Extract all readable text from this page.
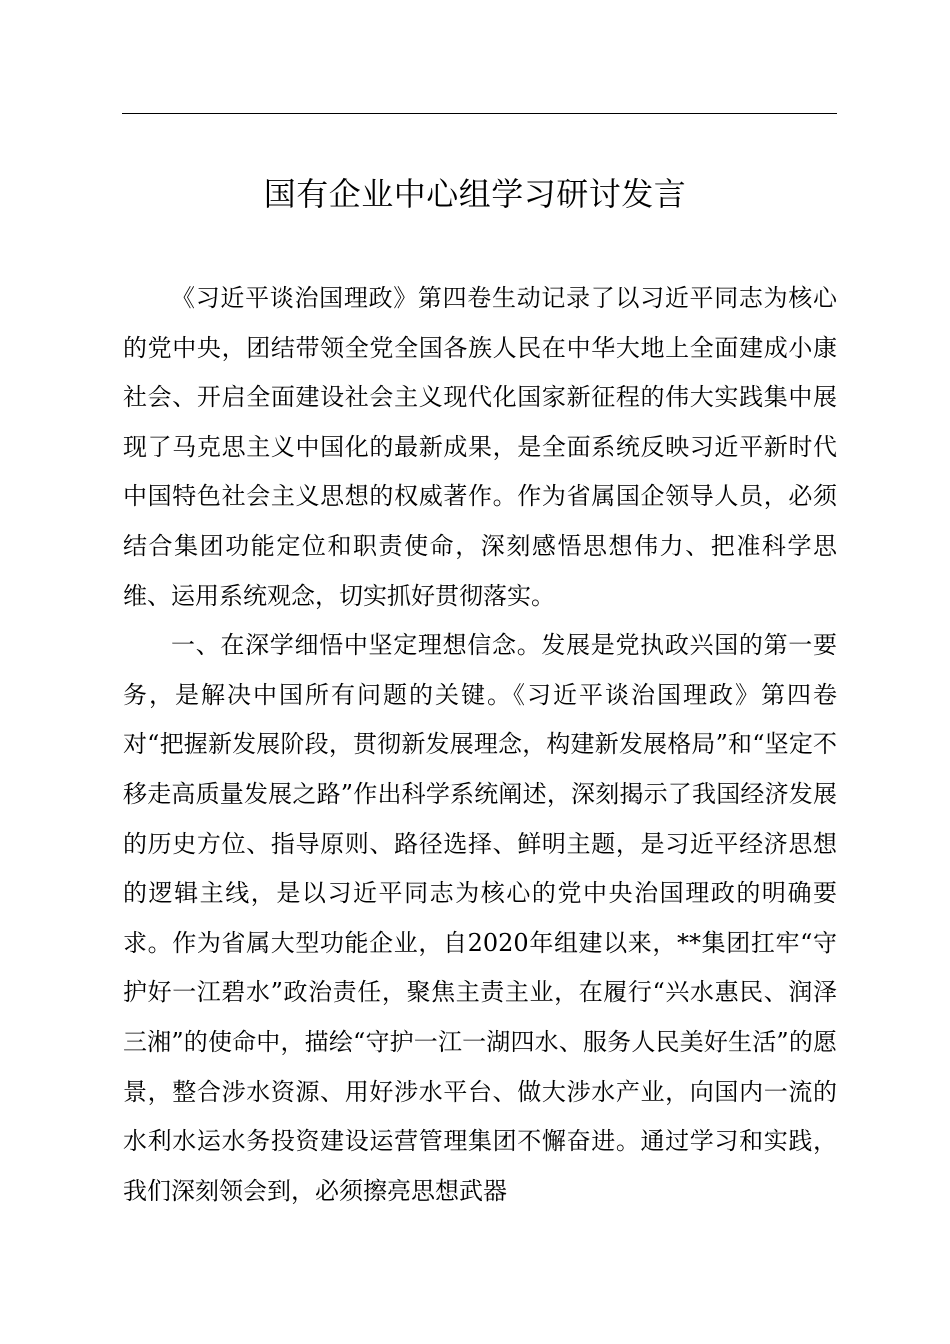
国有企业中心组学习研讨发言

《习近平谈治国理政》第四卷生动记录了以习近平同志为核心的党中央，团结带领全党全国各族人民在中华大地上全面建成小康社会、开启全面建设社会主义现代化国家新征程的伟大实践集中展现了马克思主义中国化的最新成果，是全面系统反映习近平新时代中国特色社会主义思想的权威著作。作为省属国企领导人员，必须结合集团功能定位和职责使命，深刻感悟思想伟力、把准科学思维、运用系统观念，切实抓好贯彻落实。

一、在深学细悟中坚定理想信念。发展是党执政兴国的第一要务，是解决中国所有问题的关键。《习近平谈治国理政》第四卷对“把握新发展阶段，贯彻新发展理念，构建新发展格局”和“坚定不移走高质量发展之路”作出科学系统阐述，深刻揭示了我国经济发展的历史方位、指导原则、路径选择、鲜明主题，是习近平经济思想的逻辑主线，是以习近平同志为核心的党中央治国理政的明确要求。作为省属大型功能企业，自2020年组建以来，**集团扛牢“守护好一江碧水”政治责任，聚焦主责主业，在履行“兴水惠民、润泽三湘”的使命中，描绘“守护一江一湖四水、服务人民美好生活”的愿景，整合涉水资源、用好涉水平台、做大涉水产业，向国内一流的水利水运水务投资建设运营管理集团不懈奋进。通过学习和实践，我们深刻领会到，必须擦亮思想武器
